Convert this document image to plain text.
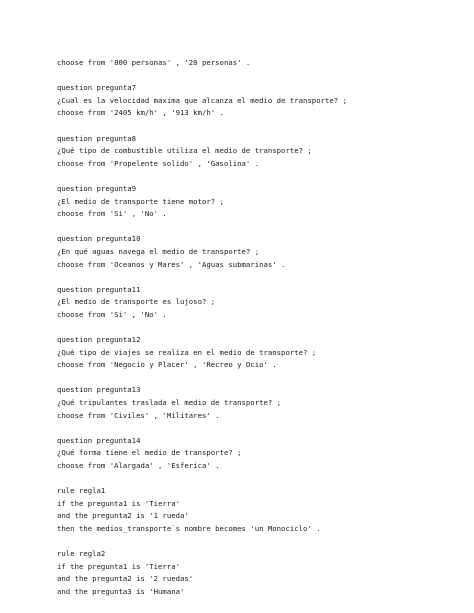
choose from '800 personas' , '20 personas' .
question pregunta7
¿Cual es la velocidad maxima que alcanza el medio de transporte? ;
choose from '2405 km/h' , '913 km/h' .
question pregunta8
¿Qué tipo de combustible utiliza el medio de transporte? ;
choose from 'Propelente solido' , 'Gasolina' .
question pregunta9
¿El medio de transporte tiene motor? ;
choose from 'Si' , 'No' .
question pregunta10
¿En qué aguas navega el medio de transporte? ;
choose from 'Oceanos y Mares' , 'Aguas submarinas' .
question pregunta11
¿El medio de transporte es lujoso? ;
choose from 'Si' , 'No' .
question pregunta12
¿Qué tipo de viajes se realiza en el medio de transporte? ;
choose from 'Negocio y Placer' , 'Recreo y Ocio' .
question pregunta13
¿Qué tripulantes traslada el medio de transporte? ;
choose from 'Civiles' , 'Militares' .
question pregunta14
¿Qué forma tiene el medio de transporte? ;
choose from 'Alargada' , 'Esferica' .
rule regla1
if the pregunta1 is 'Tierra'
and the pregunta2 is '1 rueda'
then the medios_transporte`s nombre becomes 'un Monociclo' .
rule regla2
if the pregunta1 is 'Tierra'
and the pregunta2 is '2 ruedas'
and the pregunta3 is 'Humana'
